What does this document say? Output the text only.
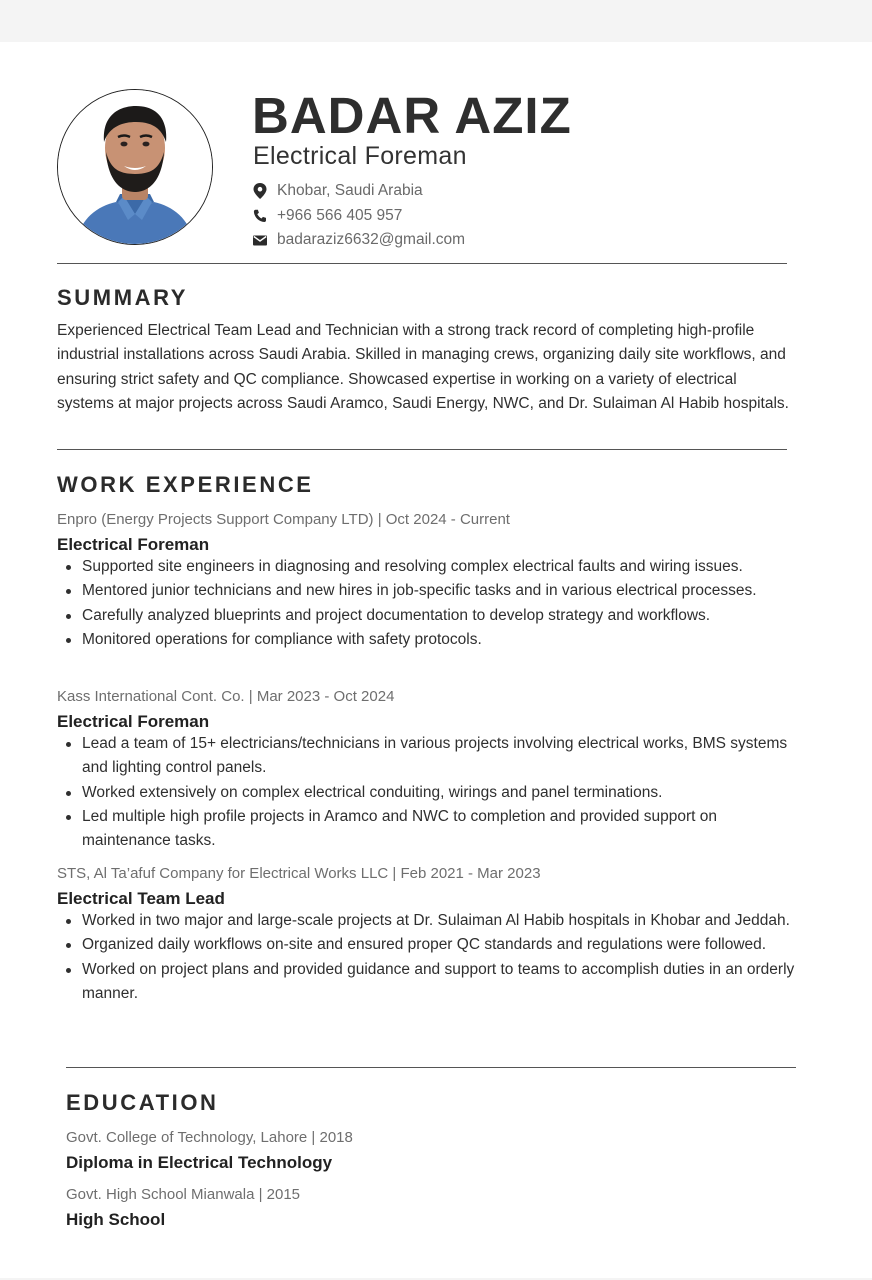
BADAR AZIZ

Electrical Foreman

Khobar, Saudi Arabia
+966 566 405 957
badaraziz6632@gmail.com
SUMMARY

Experienced Electrical Team Lead and Technician with a strong track record of completing high-profile industrial installations across Saudi Arabia. Skilled in managing crews, organizing daily site workflows, and ensuring strict safety and QC compliance. Showcased expertise in working on a variety of electrical systems at major projects across Saudi Aramco, Saudi Energy, NWC, and Dr. Sulaiman Al Habib hospitals.

WORK EXPERIENCE
Enpro (Energy Projects Support Company LTD) | Oct 2024 - Current
Electrical Foreman
Supported site engineers in diagnosing and resolving complex electrical faults and wiring issues.
Mentored junior technicians and new hires in job-specific tasks and in various electrical processes.
Carefully analyzed blueprints and project documentation to develop strategy and workflows.
Monitored operations for compliance with safety protocols.
Kass International Cont. Co. | Mar 2023 - Oct 2024
Electrical Foreman
Lead a team of 15+ electricians/technicians in various projects involving electrical works, BMS systems and lighting control panels.
Worked extensively on complex electrical conduiting, wirings and panel terminations.
Led multiple high profile projects in Aramco and NWC to completion and provided support on maintenance tasks.
STS, Al Ta’afuf Company for Electrical Works LLC | Feb 2021 - Mar 2023
Electrical Team Lead
Worked in two major and large-scale projects at Dr. Sulaiman Al Habib hospitals in Khobar and Jeddah.
Organized daily workflows on-site and ensured proper QC standards and regulations were followed.
Worked on project plans and provided guidance and support to teams to accomplish duties in an orderly manner.
EDUCATION
Govt. College of Technology, Lahore | 2018
Diploma in Electrical Technology
Govt. High School Mianwala | 2015
High School
